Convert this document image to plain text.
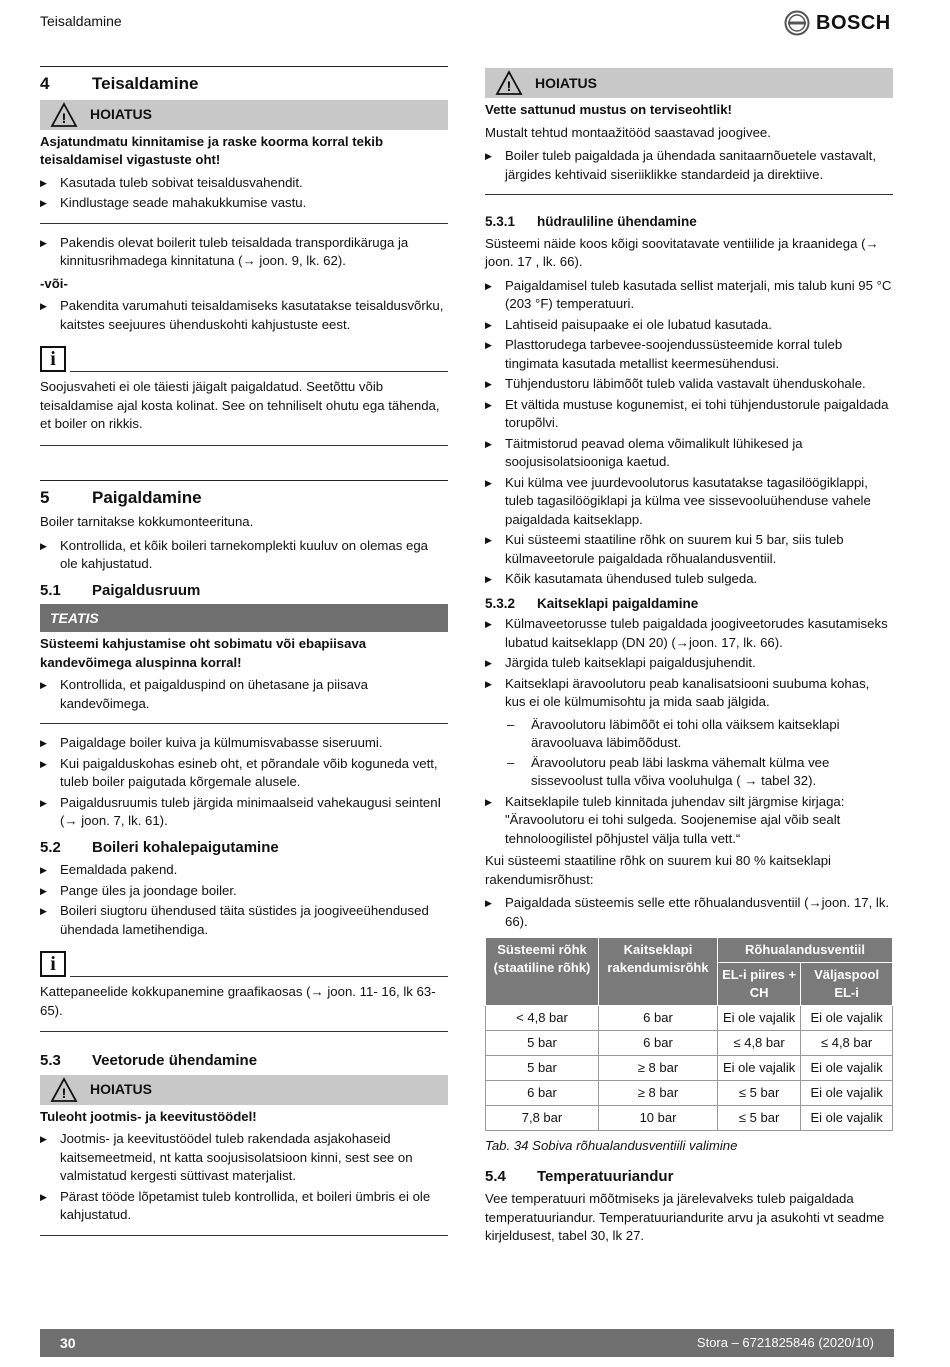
Teisaldamine	BOSCH
4	Teisaldamine
! HOIATUS
Asjatundmatu kinnitamise ja raske koorma korral tekib teisaldamisel vigastuste oht!
▶ Kasutada tuleb sobivat teisaldusvahendit.
▶ Kindlustage seade mahakukkumise vastu.
▶ Pakendis olevat boilerit tuleb teisaldada transpordikäruga ja kinnitusrihmadega kinnitatuna (→ joon. 9, lk. 62).
-või-
▶ Pakendita varumahuti teisaldamiseks kasutatakse teisaldusvõrku, kaitstes seejuures ühenduskohti kahjustuste eest.
i

Soojusvaheti ei ole täiesti jäigalt paigaldatud. Seetõttu võib teisaldamise ajal kosta kolinat. See on tehniliselt ohutu ega tähenda, et boiler on rikkis.

5	Paigaldamine

Boiler tarnitakse kokkumonteerituna.

▶ Kontrollida, et kõik boileri tarnekomplekti kuuluv on olemas ega ole kahjustatud.
5.1	Paigaldusruum
TEATIS
Süsteemi kahjustamise oht sobimatu või ebapiisava kandevõimega aluspinna korral!
▶ Kontrollida, et paigalduspind on ühetasane ja piisava kandevõimega.
▶ Paigaldage boiler kuiva ja külmumisvabasse siseruumi.
▶ Kui paigalduskohas esineb oht, et põrandale võib koguneda vett, tuleb boiler paigutada kõrgemale alusele.
▶ Paigaldusruumis tuleb järgida minimaalseid vahekaugusi seintenI (→ joon. 7, lk. 61).
5.2	Boileri kohalepaigutamine
▶ Eemaldada pakend.
▶ Pange üles ja joondage boiler.
▶ Boileri siugtoru ühendused täita süstides ja joogiveeühendused ühendada lametihendiga.
i

Kattepaneelide kokkupanemine graafikaosas (→ joon. 11- 16, lk 63- 65).

5.3	Veetorude ühendamine
! HOIATUS
Tuleoht jootmis- ja keevitustöödel!
▶ Jootmis- ja keevitustöödel tuleb rakendada asjakohaseid kaitsemeetmeid, nt katta soojusisolatsioon kinni, sest see on valmistatud kergesti süttivast materjalist.
▶ Pärast tööde lõpetamist tuleb kontrollida, et boileri ümbris ei ole kahjustatud.
! HOIATUS
Vette sattunud mustus on terviseohtlik!

Mustalt tehtud montaažitööd saastavad joogivee.

▶ Boiler tuleb paigaldada ja ühendada sanitaarnõuetele vastavalt, järgides kehtivaid siseriiklikke standardeid ja direktiive.
5.3.1	hüdrauliline ühendamine

Süsteemi näide koos kõigi soovitatavate ventiilide ja kraanidega (→ joon. 17 , lk. 66).

▶ Paigaldamisel tuleb kasutada sellist materjali, mis talub kuni 95 °C (203 °F) temperatuuri.
▶ Lahtiseid paisupaake ei ole lubatud kasutada.
▶ Plasttorudega tarbevee-soojendussüsteemide korral tuleb tingimata kasutada metallist keermesühendusi.
▶ Tühjendustoru läbimõõt tuleb valida vastavalt ühenduskohale.
▶ Et vältida mustuse kogunemist, ei tohi tühjendustorule paigaldada torupõlvi.
▶ Täitmistorud peavad olema võimalikult lühikesed ja soojusisolatsiooniga kaetud.
▶ Kui külma vee juurdevoolutorus kasutatakse tagasilöögiklappi, tuleb tagasilöögiklapi ja külma vee sissevooluühenduse vahele paigaldada kaitseklapp.
▶ Kui süsteemi staatiline rõhk on suurem kui 5 bar, siis tuleb külmaveetorule paigaldada rõhualandusventiil.
▶ Kõik kasutamata ühendused tuleb sulgeda.
5.3.2	Kaitseklapi paigaldamine
▶ Külmaveetorusse tuleb paigaldada joogiveetorudes kasutamiseks lubatud kaitseklapp (DN 20) (→joon. 17, lk. 66).
▶ Järgida tuleb kaitseklapi paigaldusjuhendit.
▶ Kaitseklapi äravoolutoru peab kanalisatsiooni suubuma kohas, kus ei ole külmumisohtu ja mida saab jälgida.
– Äravoolutoru läbimõõt ei tohi olla väiksem kaitseklapi äravooluava läbimõõdust.
– Äravoolutoru peab läbi laskma vähemalt külma vee sissevoolust tulla võiva vooluhulga ( → tabel 32).
▶ Kaitseklapile tuleb kinnitada juhendav silt järgmise kirjaga: "Äravoolutoru ei tohi sulgeda. Soojenemise ajal võib sealt tehnoloogilistel põhjustel välja tulla vett.“

Kui süsteemi staatiline rõhk on suurem kui 80 % kaitseklapi rakendumisrõhust:

▶ Paigaldada süsteemis selle ette rõhualandusventiil (→joon. 17, lk. 66).
Süsteemi rõhk (staatiline rõhk)	Kaitseklapi rakendumisrõhk	Rõhualandusventiil	
		EL-i piires + CH	Väljaspool EL-i
< 4,8 bar	6 bar	Ei ole vajalik	Ei ole vajalik
5 bar	6 bar	≤ 4,8 bar	≤ 4,8 bar
5 bar	≥ 8 bar	Ei ole vajalik	Ei ole vajalik
6 bar	≥ 8 bar	≤ 5 bar	Ei ole vajalik
7,8 bar	10 bar	≤ 5 bar	Ei ole vajalik
Tab. 34 Sobiva rõhualandusventiili valimine
5.4	Temperatuuriandur

Vee temperatuuri mõõtmiseks ja järelevalveks tuleb paigaldada temperatuuriandur. Temperatuuriandurite arvu ja asukohti vt seadme kirjeldusest, tabel 30, lk 27.

30	Stora – 6721825846 (2020/10)
